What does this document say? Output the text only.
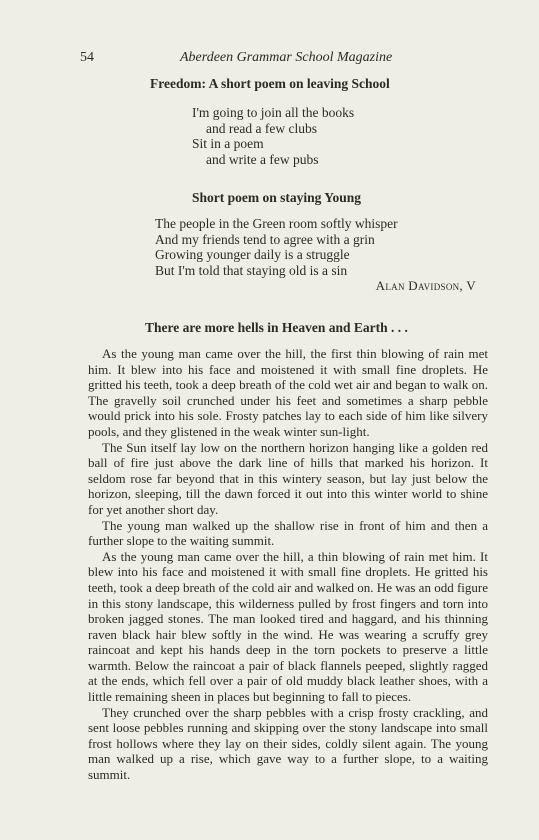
54	Aberdeen Grammar School Magazine
Freedom: A short poem on leaving School
I'm going to join all the books
and read a few clubs
Sit in a poem
and write a few pubs
Short poem on staying Young
The people in the Green room softly whisper
And my friends tend to agree with a grin
Growing younger daily is a struggle
But I'm told that staying old is a sin
Alan Davidson, V
There are more hells in Heaven and Earth . . .

As the young man came over the hill, the first thin blowing of rain met him. It blew into his face and moistened it with small fine droplets. He gritted his teeth, took a deep breath of the cold wet air and began to walk on. The gravelly soil crunched under his feet and sometimes a sharp pebble would prick into his sole. Frosty patches lay to each side of him like silvery pools, and they glistened in the weak winter sun-light.

The Sun itself lay low on the northern horizon hanging like a golden red ball of fire just above the dark line of hills that marked his horizon. It seldom rose far beyond that in this wintery season, but lay just below the horizon, sleeping, till the dawn forced it out into this winter world to shine for yet another short day.

The young man walked up the shallow rise in front of him and then a further slope to the waiting summit.

As the young man came over the hill, a thin blowing of rain met him. It blew into his face and moistened it with small fine droplets. He gritted his teeth, took a deep breath of the cold air and walked on. He was an odd figure in this stony landscape, this wilderness pulled by frost fingers and torn into broken jagged stones. The man looked tired and haggard, and his thinning raven black hair blew softly in the wind. He was wearing a scruffy grey raincoat and kept his hands deep in the torn pockets to preserve a little warmth. Below the raincoat a pair of black flannels peeped, slightly ragged at the ends, which fell over a pair of old muddy black leather shoes, with a little remaining sheen in places but beginning to fall to pieces.

They crunched over the sharp pebbles with a crisp frosty crackling, and sent loose pebbles running and skipping over the stony landscape into small frost hollows where they lay on their sides, coldly silent again. The young man walked up a rise, which gave way to a further slope, to a waiting summit.
